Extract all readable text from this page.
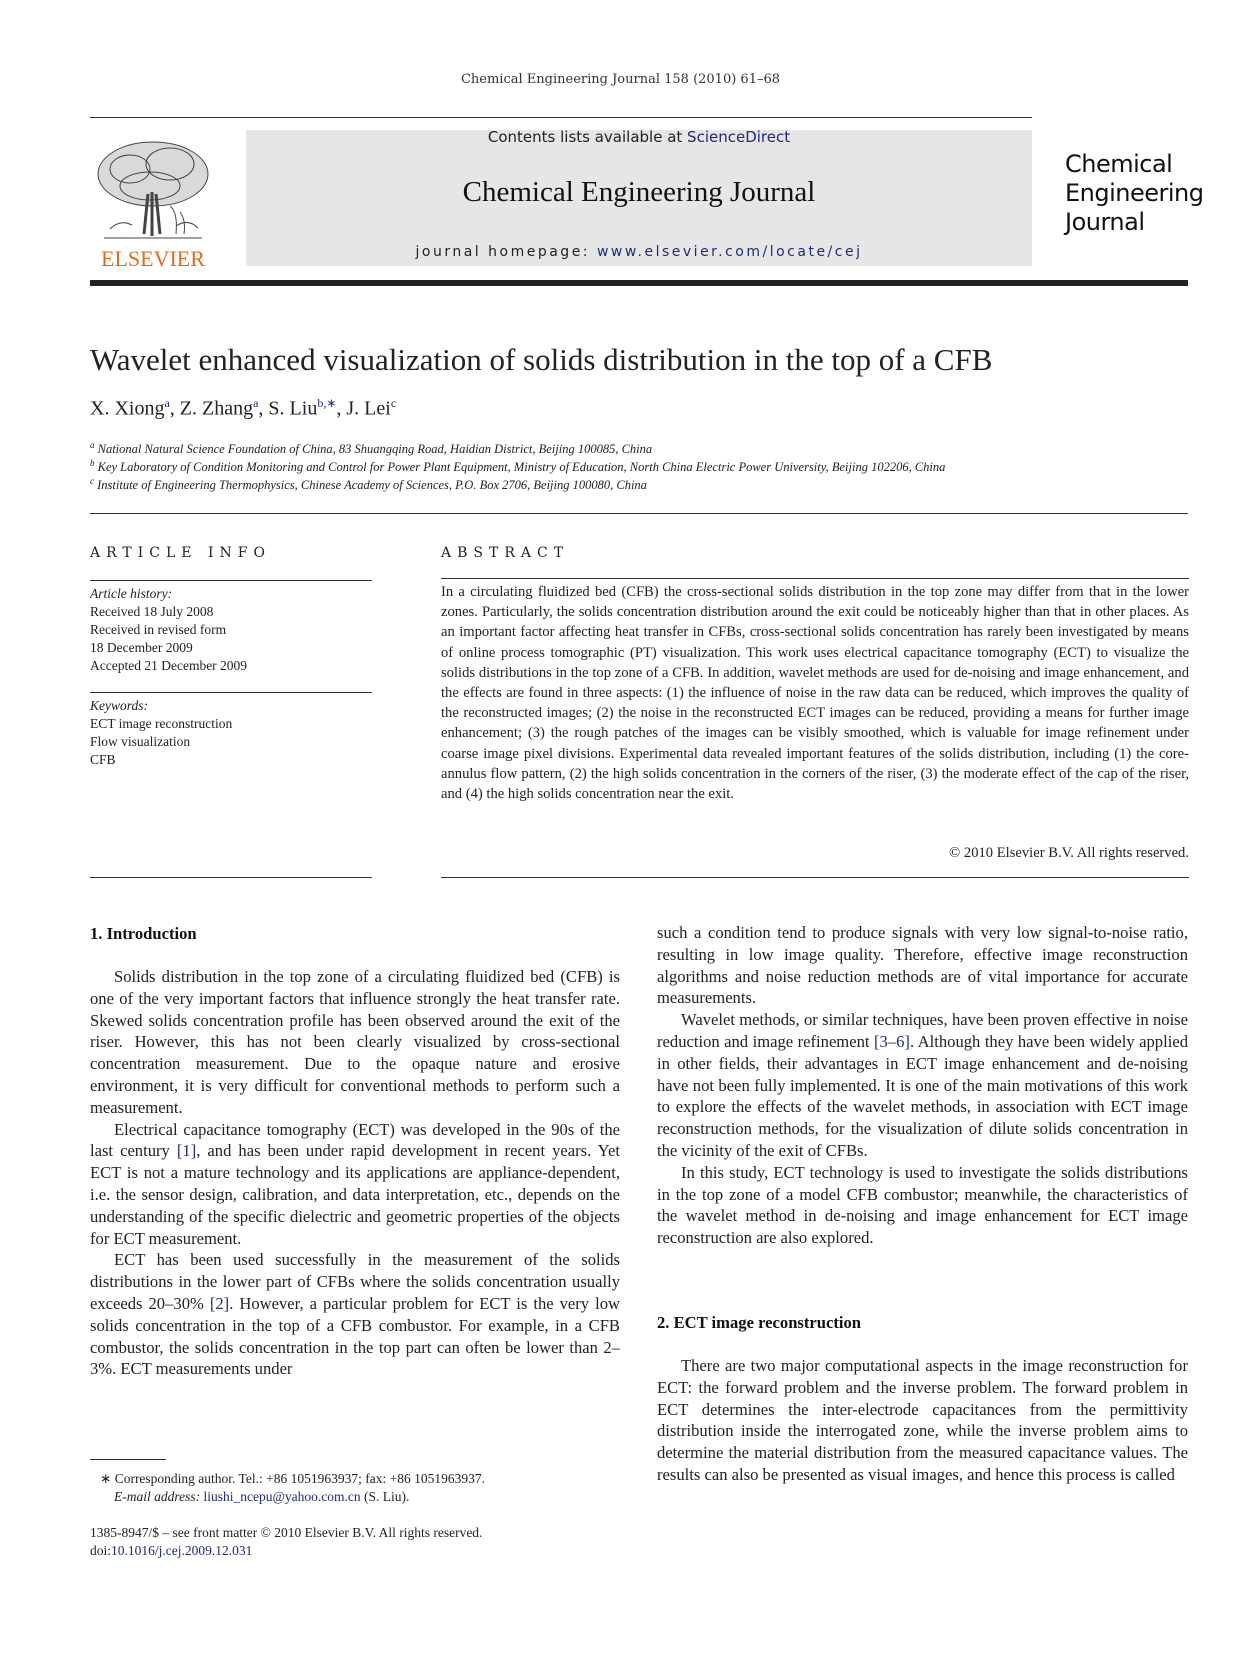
Chemical Engineering Journal 158 (2010) 61–68
ELSEVIER
Contents lists available at ScienceDirect
Chemical Engineering Journal
journal homepage: www.elsevier.com/locate/cej
Chemical
Engineering
Journal
Wavelet enhanced visualization of solids distribution in the top of a CFB
X. Xiong$^a$, Z. Zhang$^a$, S. Liu$^{b,∗}$, J. Lei$^c$
$^a$ National Natural Science Foundation of China, 83 Shuangqing Road, Haidian District, Beijing 100085, China
$^b$ Key Laboratory of Condition Monitoring and Control for Power Plant Equipment, Ministry of Education, North China Electric Power University, Beijing 102206, China
$^c$ Institute of Engineering Thermophysics, Chinese Academy of Sciences, P.O. Box 2706, Beijing 100080, China
ARTICLE INFO
Article history:
Received 18 July 2008
Received in revised form
18 December 2009
Accepted 21 December 2009
Keywords:
ECT image reconstruction
Flow visualization
CFB
ABSTRACT
In a circulating fluidized bed (CFB) the cross-sectional solids distribution in the top zone may differ from that in the lower zones. Particularly, the solids concentration distribution around the exit could be noticeably higher than that in other places. As an important factor affecting heat transfer in CFBs, cross-sectional solids concentration has rarely been investigated by means of online process tomographic (PT) visualization. This work uses electrical capacitance tomography (ECT) to visualize the solids distributions in the top zone of a CFB. In addition, wavelet methods are used for de-noising and image enhancement, and the effects are found in three aspects: (1) the influence of noise in the raw data can be reduced, which improves the quality of the reconstructed images; (2) the noise in the reconstructed ECT images can be reduced, providing a means for further image enhancement; (3) the rough patches of the images can be visibly smoothed, which is valuable for image refinement under coarse image pixel divisions. Experimental data revealed important features of the solids distribution, including (1) the core-annulus flow pattern, (2) the high solids concentration in the corners of the riser, (3) the moderate effect of the cap of the riser, and (4) the high solids concentration near the exit.
© 2010 Elsevier B.V. All rights reserved.
1. Introduction

Solids distribution in the top zone of a circulating fluidized bed (CFB) is one of the very important factors that influence strongly the heat transfer rate. Skewed solids concentration profile has been observed around the exit of the riser. However, this has not been clearly visualized by cross-sectional concentration measurement. Due to the opaque nature and erosive environment, it is very difficult for conventional methods to perform such a measurement.

Electrical capacitance tomography (ECT) was developed in the 90s of the last century [1], and has been under rapid development in recent years. Yet ECT is not a mature technology and its applications are appliance-dependent, i.e. the sensor design, calibration, and data interpretation, etc., depends on the understanding of the specific dielectric and geometric properties of the objects for ECT measurement.

ECT has been used successfully in the measurement of the solids distributions in the lower part of CFBs where the solids concentration usually exceeds 20–30% [2]. However, a particular problem for ECT is the very low solids concentration in the top of a CFB combustor. For example, in a CFB combustor, the solids concentration in the top part can often be lower than 2–3%. ECT measurements under

such a condition tend to produce signals with very low signal-to-noise ratio, resulting in low image quality. Therefore, effective image reconstruction algorithms and noise reduction methods are of vital importance for accurate measurements.

Wavelet methods, or similar techniques, have been proven effective in noise reduction and image refinement [3–6]. Although they have been widely applied in other fields, their advantages in ECT image enhancement and de-noising have not been fully implemented. It is one of the main motivations of this work to explore the effects of the wavelet methods, in association with ECT image reconstruction methods, for the visualization of dilute solids concentration in the vicinity of the exit of CFBs.

In this study, ECT technology is used to investigate the solids distributions in the top zone of a model CFB combustor; meanwhile, the characteristics of the wavelet method in de-noising and image enhancement for ECT image reconstruction are also explored.

2. ECT image reconstruction

There are two major computational aspects in the image reconstruction for ECT: the forward problem and the inverse problem. The forward problem in ECT determines the inter-electrode capacitances from the permittivity distribution inside the interrogated zone, while the inverse problem aims to determine the material distribution from the measured capacitance values. The results can also be presented as visual images, and hence this process is called

∗ Corresponding author. Tel.: +86 1051963937; fax: +86 1051963937.
E-mail address: liushi_ncepu@yahoo.com.cn (S. Liu).
1385-8947/$ – see front matter © 2010 Elsevier B.V. All rights reserved.
doi:10.1016/j.cej.2009.12.031
